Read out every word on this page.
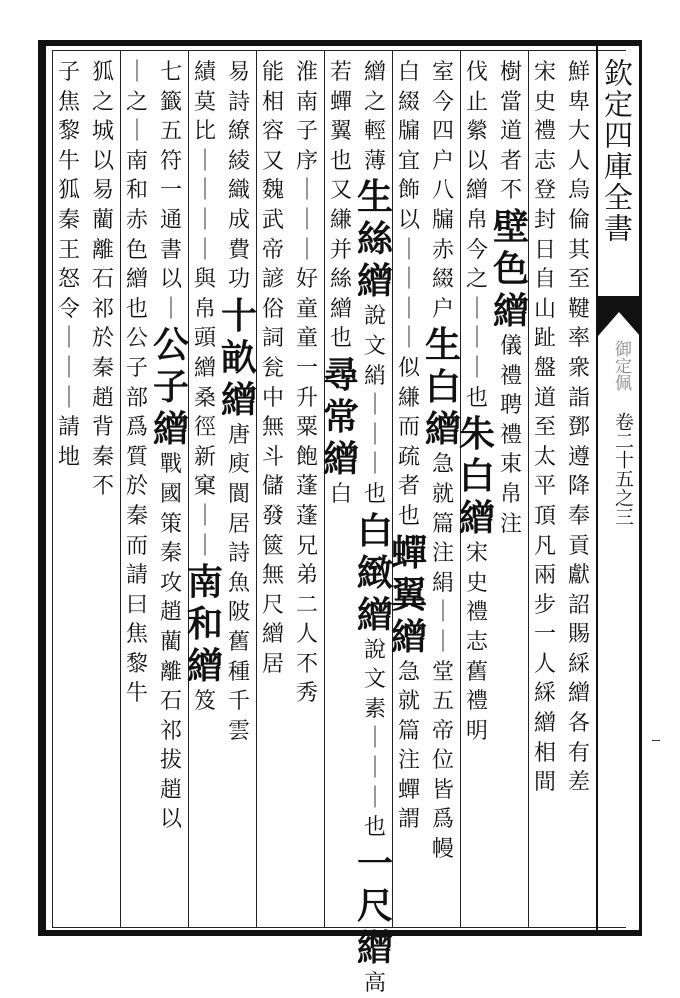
欽定四庫全書
御定佩
卷二十五之三
鮮
卑
大
人
烏
倫
其
至
鞬
率
衆
詣
鄧
遵
降
奉
貢
獻
詔
賜
綵
繒
各
有
差
宋
史
禮
志
登
封
日
自
山
趾
盤
道
至
太
平
頂
凡
兩
步
一
人
綵
繒
相
間
樹
當
道
者
不
壁
色
繒
儀
禮
聘
禮
束
帛
注
伐
止
縈
以
繒
帛
今
之
｜
｜
｜
也
朱
白
繒
宋
史
禮
志
舊
禮
明
室
今
四
户
八
牖
赤
綴
户
生
白
繒
急
就
篇
注
絹
｜
｜
堂
五
帝
位
皆
爲
幔
白
綴
牖
宜
飾
以
｜
｜
｜
｜
似
縑
而
疏
者
也
蟬
翼
繒
急
就
篇
注
蟬
謂
繒
之
輕
薄
生
絲
繒
說
文
綃
｜
｜
｜
也
白
緻
繒
說
文
素
｜
｜
｜
也
一
尺
繒
高
若
蟬
翼
也
又
縑
并
絲
繒
也
尋
常
繒
白
淮
南
子
序
｜
｜
｜
好
童
童
一
升
粟
飽
蓬
蓬
兄
弟
二
人
不
秀
能
相
容
又
魏
武
帝
諺
俗
詞
瓮
中
無
斗
儲
發
篋
無
尺
繒
居
易
詩
繚
綾
織
成
費
功
十
畝
繒
唐
庾
閬
居
詩
魚
陂
舊
種
千
雲
績
莫
比
｜
｜
｜
｜
與
帛
頭
繒
桑
徑
新
窠
｜
｜
南
和
繒
笈
七
籤
五
符
一
通
書
以
｜
公
子
繒
戰
國
策
秦
攻
趙
藺
離
石
祁
拔
趙
以
｜
之
｜
南
和
赤
色
繒
也
公
子
部
爲
質
於
秦
而
請
曰
焦
黎
牛
狐
之
城
以
易
藺
離
石
祁
於
秦
趙
背
秦
不
子
焦
黎
牛
狐
秦
王
怒
令
｜
｜
｜
請
地
